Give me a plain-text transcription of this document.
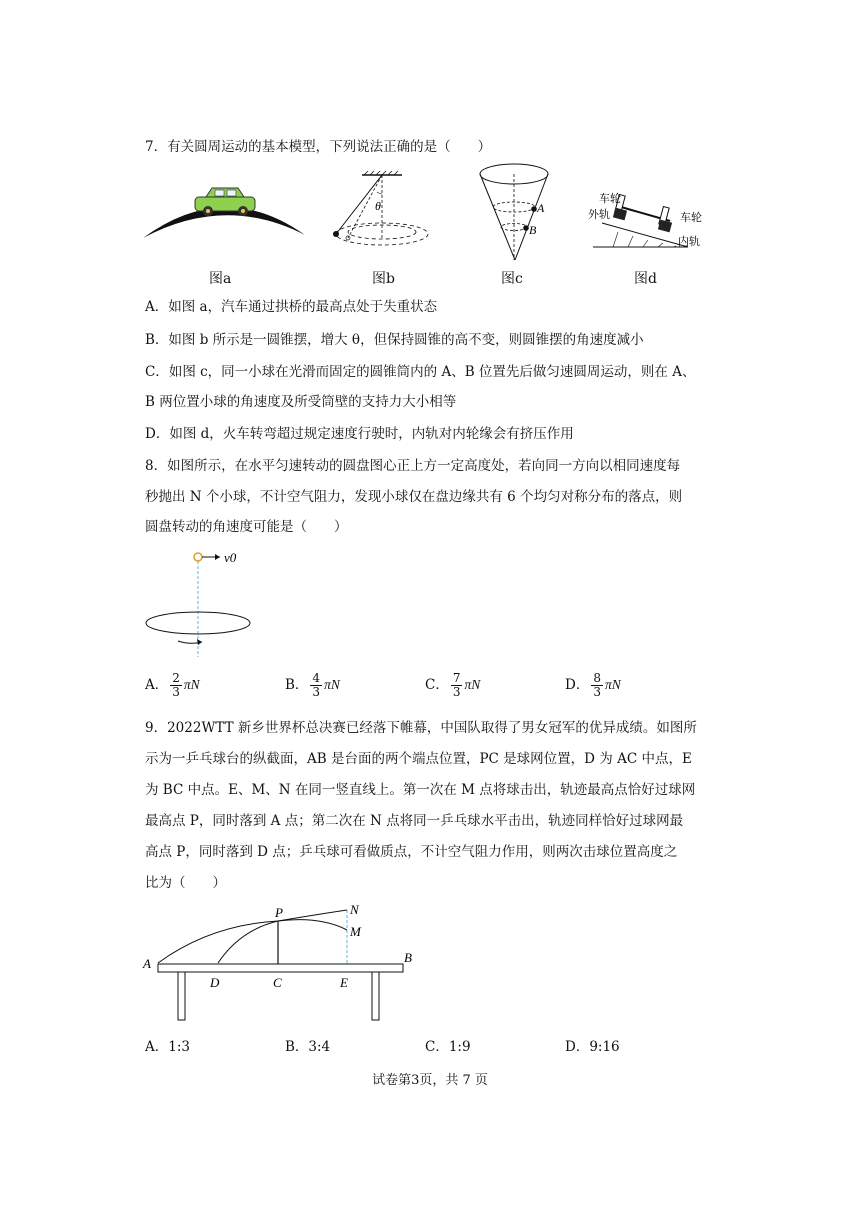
7．有关圆周运动的基本模型，下列说法正确的是（　　）
θ	A
B
车轮
外轨	车轮
内轨
图a	图b	图c	图d
A．如图 a，汽车通过拱桥的最高点处于失重状态
B．如图 b 所示是一圆锥摆，增大 θ，但保持圆锥的高不变，则圆锥摆的角速度减小
C．如图 c，同一小球在光滑而固定的圆锥筒内的 A、B 位置先后做匀速圆周运动，则在 A、
B 两位置小球的角速度及所受筒壁的支持力大小相等
D．如图 d，火车转弯超过规定速度行驶时，内轨对内轮缘会有挤压作用
8．如图所示，在水平匀速转动的圆盘图心正上方一定高度处，若向同一方向以相同速度每
秒抛出 N 个小球，不计空气阻力，发现小球仅在盘边缘共有 6 个均匀对称分布的落点，则
圆盘转动的角速度可能是（　　）
v0
A． $\frac{2}{3}$ πN	B． $\frac{4}{3}$ πN	C． $\frac{7}{3}$ πN	D． $\frac{8}{3}$ πN
9．2022WTT 新乡世界杯总决赛已经落下帷幕，中国队取得了男女冠军的优异成绩。如图所
示为一乒乓球台的纵截面，AB 是台面的两个端点位置，PC 是球网位置，D 为 AC 中点，E
为 BC 中点。E、M、N 在同一竖直线上。第一次在 M 点将球击出，轨迹最高点恰好过球网
最高点 P，同时落到 A 点；第二次在 N 点将同一乒乓球水平击出，轨迹同样恰好过球网最
高点 P，同时落到 D 点；乒乓球可看做质点，不计空气阻力作用，则两次击球位置高度之
比为（　　）
A	B
C
D	E
P
M
N
A．1:3	B．3:4	C．1:9	D．9:16
试卷第3页，共 7 页
